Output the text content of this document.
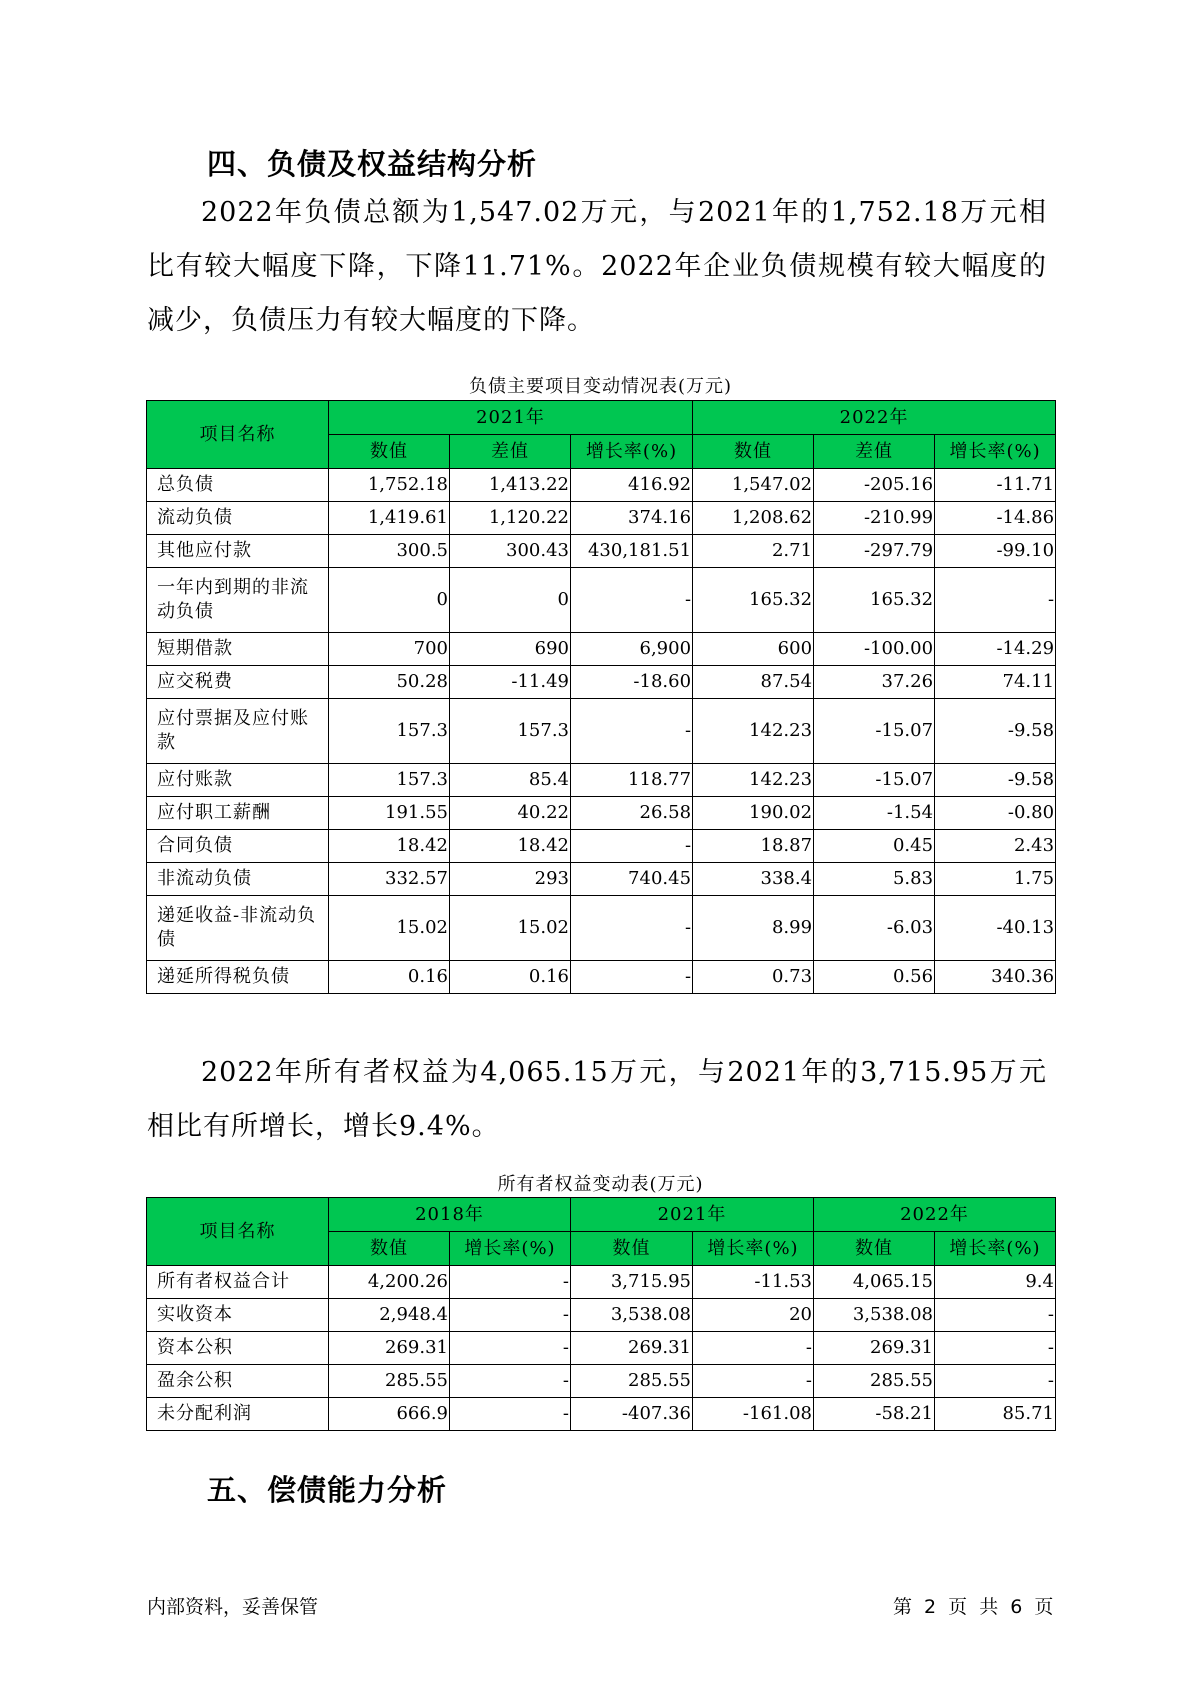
四、负债及权益结构分析

2022年负债总额为1,547.02万元，与2021年的1,752.18万元相比有较大幅度下降，下降11.71%。2022年企业负债规模有较大幅度的减少，负债压力有较大幅度的下降。

负债主要项目变动情况表(万元)
项目名称	2021年			2022年		
	数值	差值	增长率(%)	数值	差值	增长率(%)
总负债	1,752.18	1,413.22	416.92	1,547.02	-205.16	-11.71
流动负债	1,419.61	1,120.22	374.16	1,208.62	-210.99	-14.86
其他应付款	300.5	300.43	430,181.51	2.71	-297.79	-99.10
一年内到期的非流动负债	0	0	-	165.32	165.32	-
短期借款	700	690	6,900	600	-100.00	-14.29
应交税费	50.28	-11.49	-18.60	87.54	37.26	74.11
应付票据及应付账款	157.3	157.3	-	142.23	-15.07	-9.58
应付账款	157.3	85.4	118.77	142.23	-15.07	-9.58
应付职工薪酬	191.55	40.22	26.58	190.02	-1.54	-0.80
合同负债	18.42	18.42	-	18.87	0.45	2.43
非流动负债	332.57	293	740.45	338.4	5.83	1.75
递延收益-非流动负债	15.02	15.02	-	8.99	-6.03	-40.13
递延所得税负债	0.16	0.16	-	0.73	0.56	340.36

2022年所有者权益为4,065.15万元，与2021年的3,715.95万元相比有所增长，增长9.4%。

所有者权益变动表(万元)
项目名称	2018年		2021年		2022年	
	数值	增长率(%)	数值	增长率(%)	数值	增长率(%)
所有者权益合计	4,200.26	-	3,715.95	-11.53	4,065.15	9.4
实收资本	2,948.4	-	3,538.08	20	3,538.08	-
资本公积	269.31	-	269.31	-	269.31	-
盈余公积	285.55	-	285.55	-	285.55	-
未分配利润	666.9	-	-407.36	-161.08	-58.21	85.71
五、偿债能力分析
内部资料，妥善保管	第 2 页 共 6 页
